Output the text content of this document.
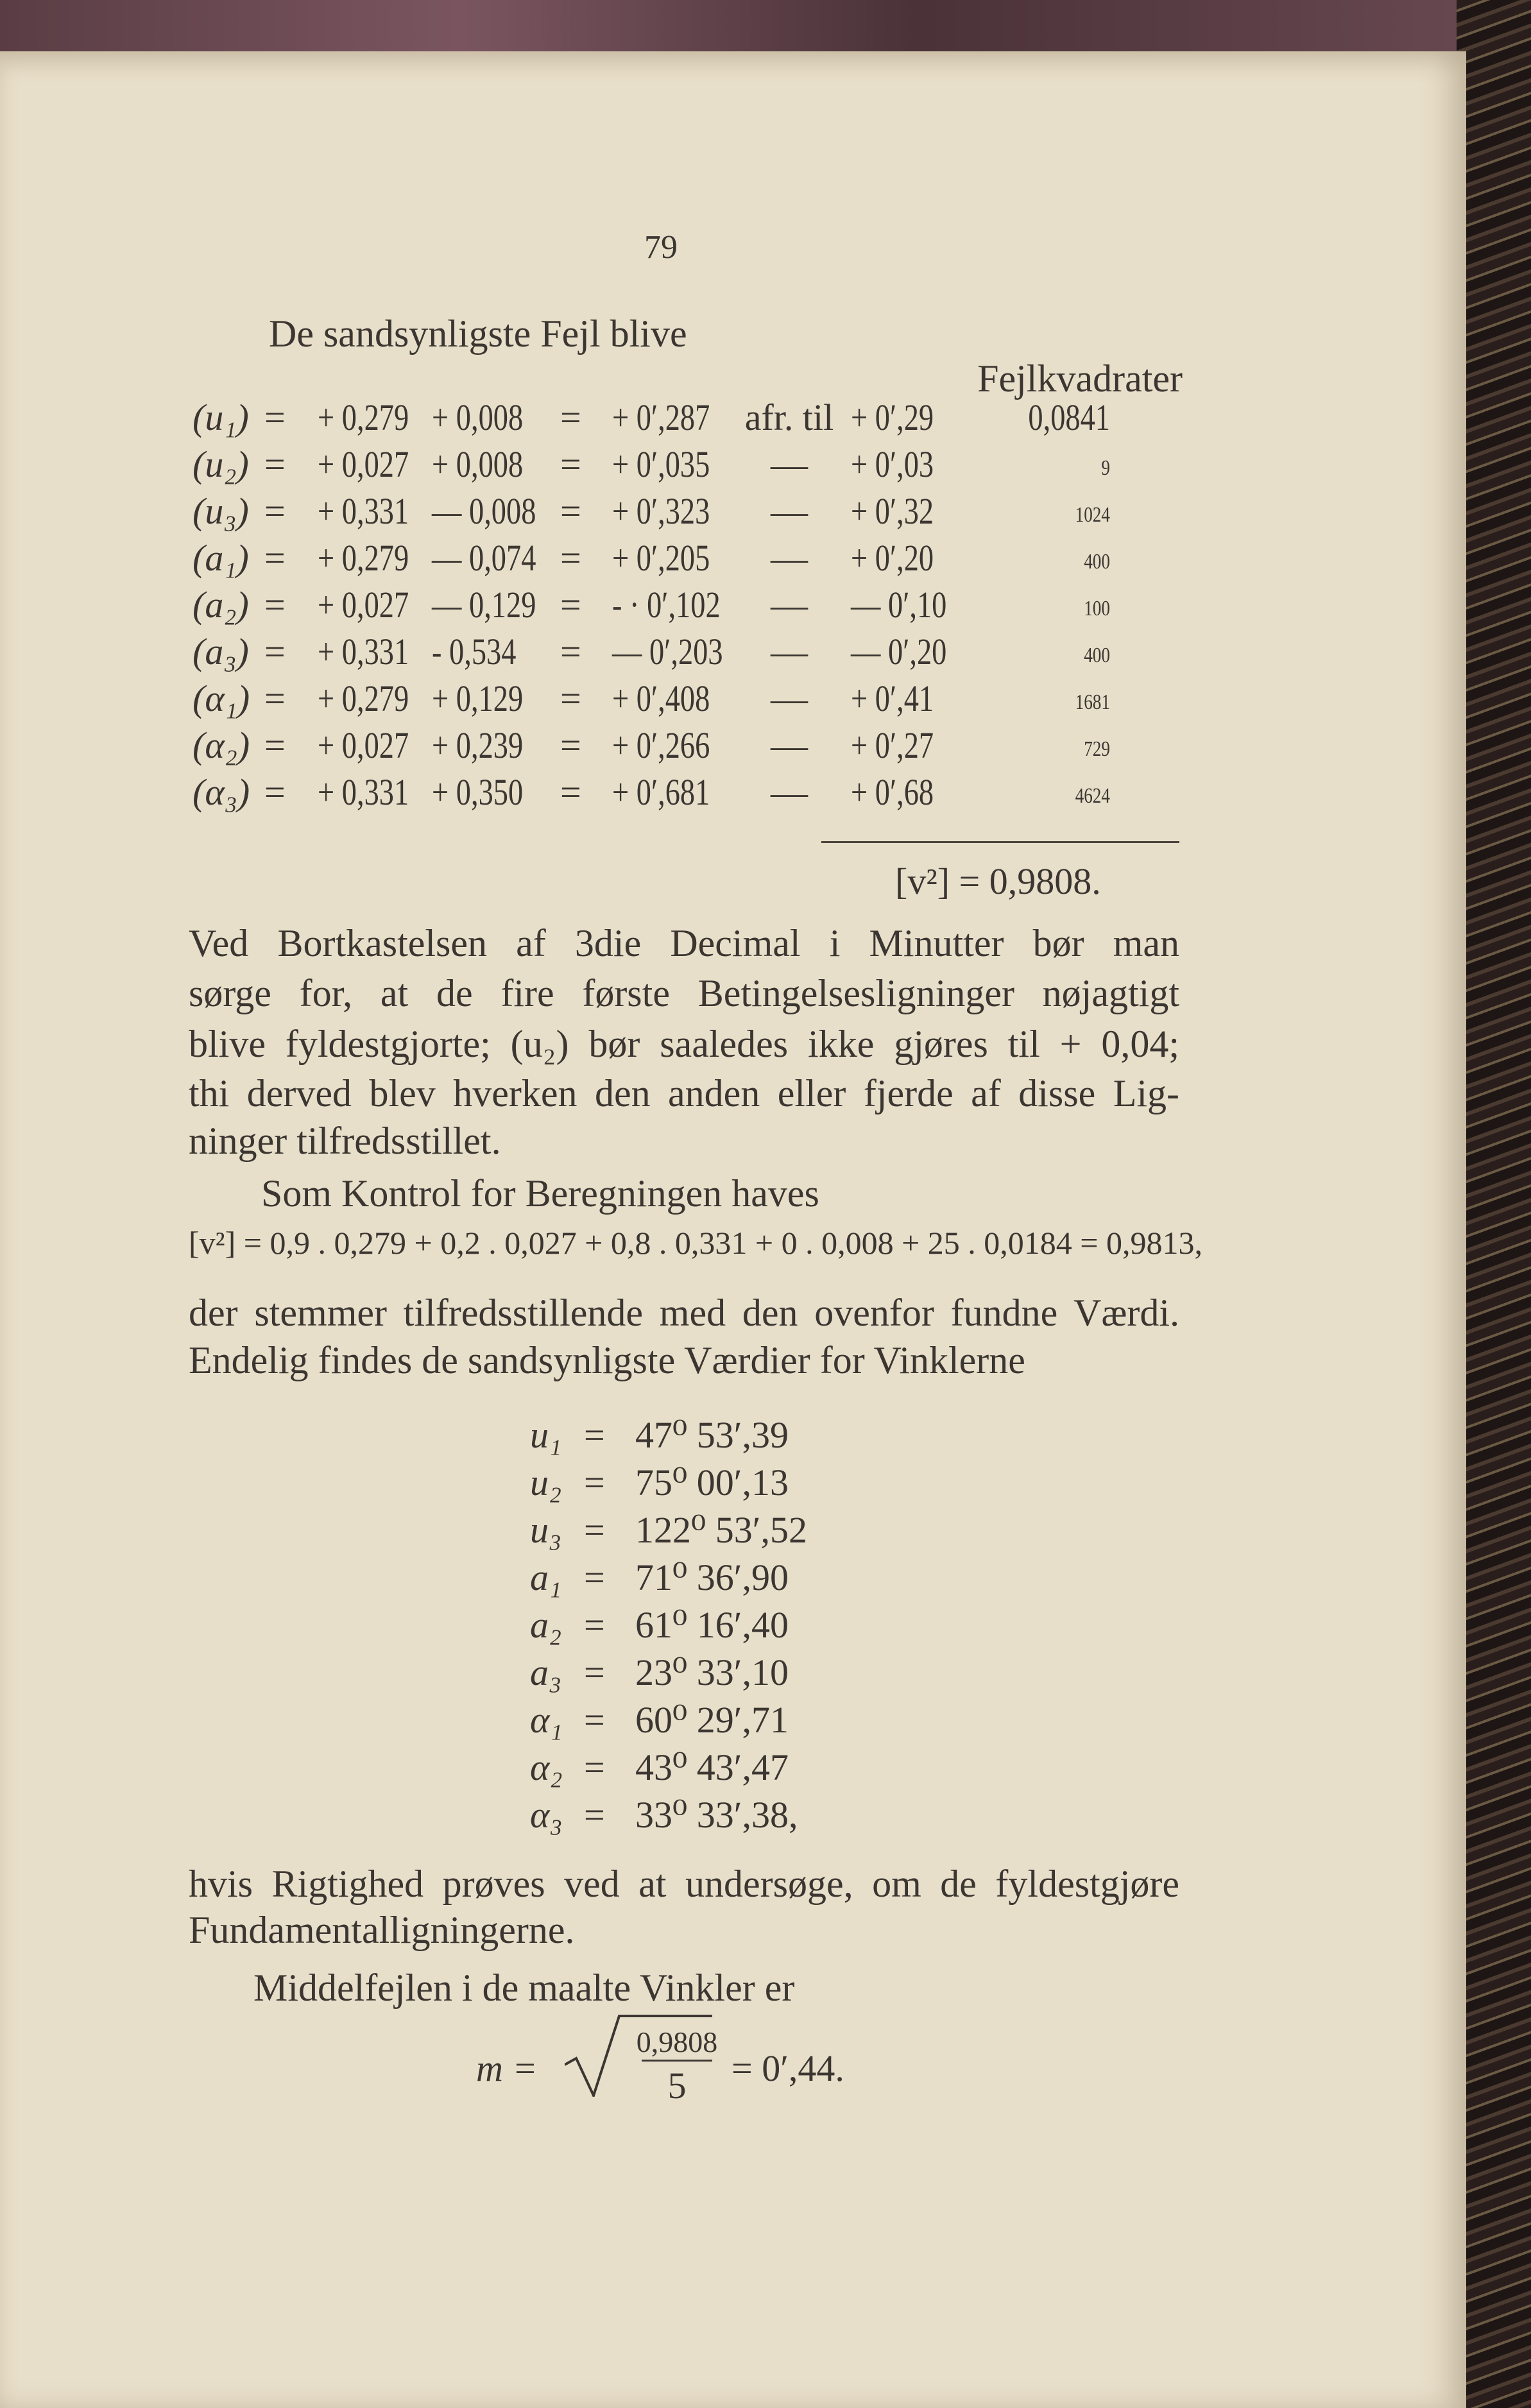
79
De sandsynligste Fejl blive
Fejlkvadrater
(u₁) = + 0,279 + 0,008 = + 0′,287 afr. til + 0′,29	0,0841
(u₂) = + 0,027 + 0,008 = + 0′,035	—	+ 0′,03	9
(u₃) = + 0,331 — 0,008 = + 0′,323	—	+ 0′,32	1024
(a₁) = + 0,279 — 0,074 = + 0′,205	—	+ 0′,20	400
(a₂) = + 0,027 — 0,129 = - · 0′,102	—	— 0′,10	100
(a₃) = + 0,331 - 0,534 = — 0′,203	—	— 0′,20	400
(α₁) = + 0,279 + 0,129 = + 0′,408	—	+ 0′,41	1681
(α₂) = + 0,027 + 0,239 = + 0′,266	—	+ 0′,27	729
(α₃) = + 0,331 + 0,350 = + 0′,681	—	+ 0′,68	4624
[v²] = 0,9808.
Ved Bortkastelsen af 3die Decimal i Minutter bør man
sørge for, at de fire første Betingelsesligninger nøjagtigt
blive fyldestgjorte; (u₂) bør saaledes ikke gjøres til + 0,04;
thi derved blev hverken den anden eller fjerde af disse Lig-
ninger tilfredsstillet.
Som Kontrol for Beregningen haves
[v²] = 0,9 . 0,279 + 0,2 . 0,027 + 0,8 . 0,331 + 0 . 0,008 + 25 . 0,0184 = 0,9813,
der stemmer tilfredsstillende med den ovenfor fundne Værdi.
Endelig findes de sandsynligste Værdier for Vinklerne
u₁ = 47⁰ 53′,39
u₂ = 75⁰ 00′,13
u₃ = 122⁰ 53′,52
a₁ = 71⁰ 36′,90
a₂ = 61⁰ 16′,40
a₃ = 23⁰ 33′,10
α₁ = 60⁰ 29′,71
α₂ = 43⁰ 43′,47
α₃ = 33⁰ 33′,38,
hvis Rigtighed prøves ved at undersøge, om de fyldestgjøre
Fundamentalligningerne.
Middelfejlen i de maalte Vinkler er
m =
0,9808
5	= 0′,44.
